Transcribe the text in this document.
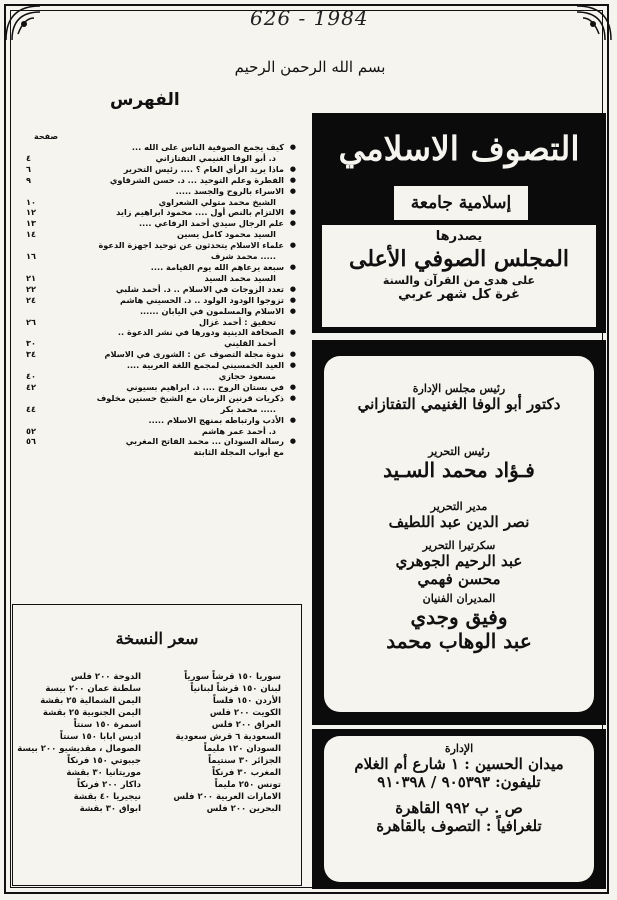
626 - 1984
بسم الله الرحمن الرحيم
الفهرس
صفحة
● كيف يجمع الصوفية الناس على الله ...
د. أبو الوفا الغنيمي التفتازاني
٤
● ماذا يريد الرأي العام ؟ .... رئيس التحرير
٦
● الفطرة وعلم التوحيد ... د. حسن الشرقاوي
٩
● الاسراء بالروح والجسد .....
الشيخ محمد متولي الشعراوي
١٠
● الالتزام بالنص أول .... محمود ابراهيم زايد
١٢
● علم الرجال سيدي أحمد الرفاعي ....
١٣
السيد محمود كامل يسين
١٤
● علماء الاسلام يتحدثون عن توحيد اجهزة الدعوة
..... محمد شرف
١٦
● سبعة يرعاهم الله يوم القيامة ....
السيد محمد السيد
٢١
● تعدد الزوجات في الاسلام .. د. أحمد شلبي
٢٢
● تزوجوا الودود الولود .. د. الحسيني هاشم
٢٤
● الاسلام والمسلمون في اليابان ......
تحقيق : أحمد غزال
٢٦
● الصحافة الدينية ودورها في نشر الدعوة ..
أحمد القليني
٣٠
● ندوة مجلة التصوف عن : الشورى في الاسلام
٣٤
● العيد الخمسيني لمجمع اللغة العربية ....
مسعود حجازي
٤٠
● في بستان الروح .... د. ابراهيم بسيوني
٤٢
● ذكريات قرنين الزمان مع الشيخ حسنين مخلوف
..... محمد بكر
٤٤
● الأدب وارتباطه بمنهج الاسلام .....
د. أحمد عمر هاشم
٥٢
● رسالة السودان ... محمد الفاتح المغربي
٥٦
مع أبواب المجلة الثابتة
سعر النسخة
سوريا ١٥٠ قرشاً سورياً
لبنان ١٥٠ قرشاً لبنانياً
الأردن ١٥٠ فلساً
الكويت ٢٠٠ فلس
العراق ٢٠٠ فلس
السعودية ٦ قرش سعودية
السودان ١٢٠ مليماً
الجزائر ٣٠ سنتيماً
المغرب ٣٠ فرنكاً
تونس ٢٥٠ مليماً
الامارات العربية ٢٠٠ فلس
البحرين ٢٠٠ فلس
الدوحة ٢٠٠ فلس
سلطنة عمان ٢٠٠ بيسة
اليمن الشمالية ٢٥ بقشة
اليمن الجنوبية ٢٥ بقشة
اسمرة ١٥٠ سنتاً
اديس ابابا ١٥٠ سنتاً
الصومال ، مقديشيو ٢٠٠ بيسة
جيبوتي ١٥٠ فرنكاً
موريتانيا ٣٠ بقشة
داكار ٢٠٠ فرنكاً
نيجيريا ٤٠ بقشة
ابواق ٣٠ بقشة
التصوف الاسلامي
إسلامية جامعة
يصدرها
المجلس الصوفي الأعلى
على هدى من القرآن والسنة
غرة كل شهر عربي
رئيس مجلس الإدارة
دكتور أبو الوفا الغنيمي التفتازاني
رئيس التحرير
فـؤاد محمد السـيد
مدير التحرير
نصر الدين عبد اللطيف
سكرتيرا التحرير
عبد الرحيم الجوهري
محسن فهمي
المديران الفنيان
وفيق وجدي
عبد الوهاب محمد
الإدارة
ميدان الحسين : ١ شارع أم الغلام
تليفون: ٩٠٥٣٩٣ / ٩١٠٣٩٨
ص . ب ٩٩٢ القاهرة
تلغرافياً : التصوف بالقاهرة
